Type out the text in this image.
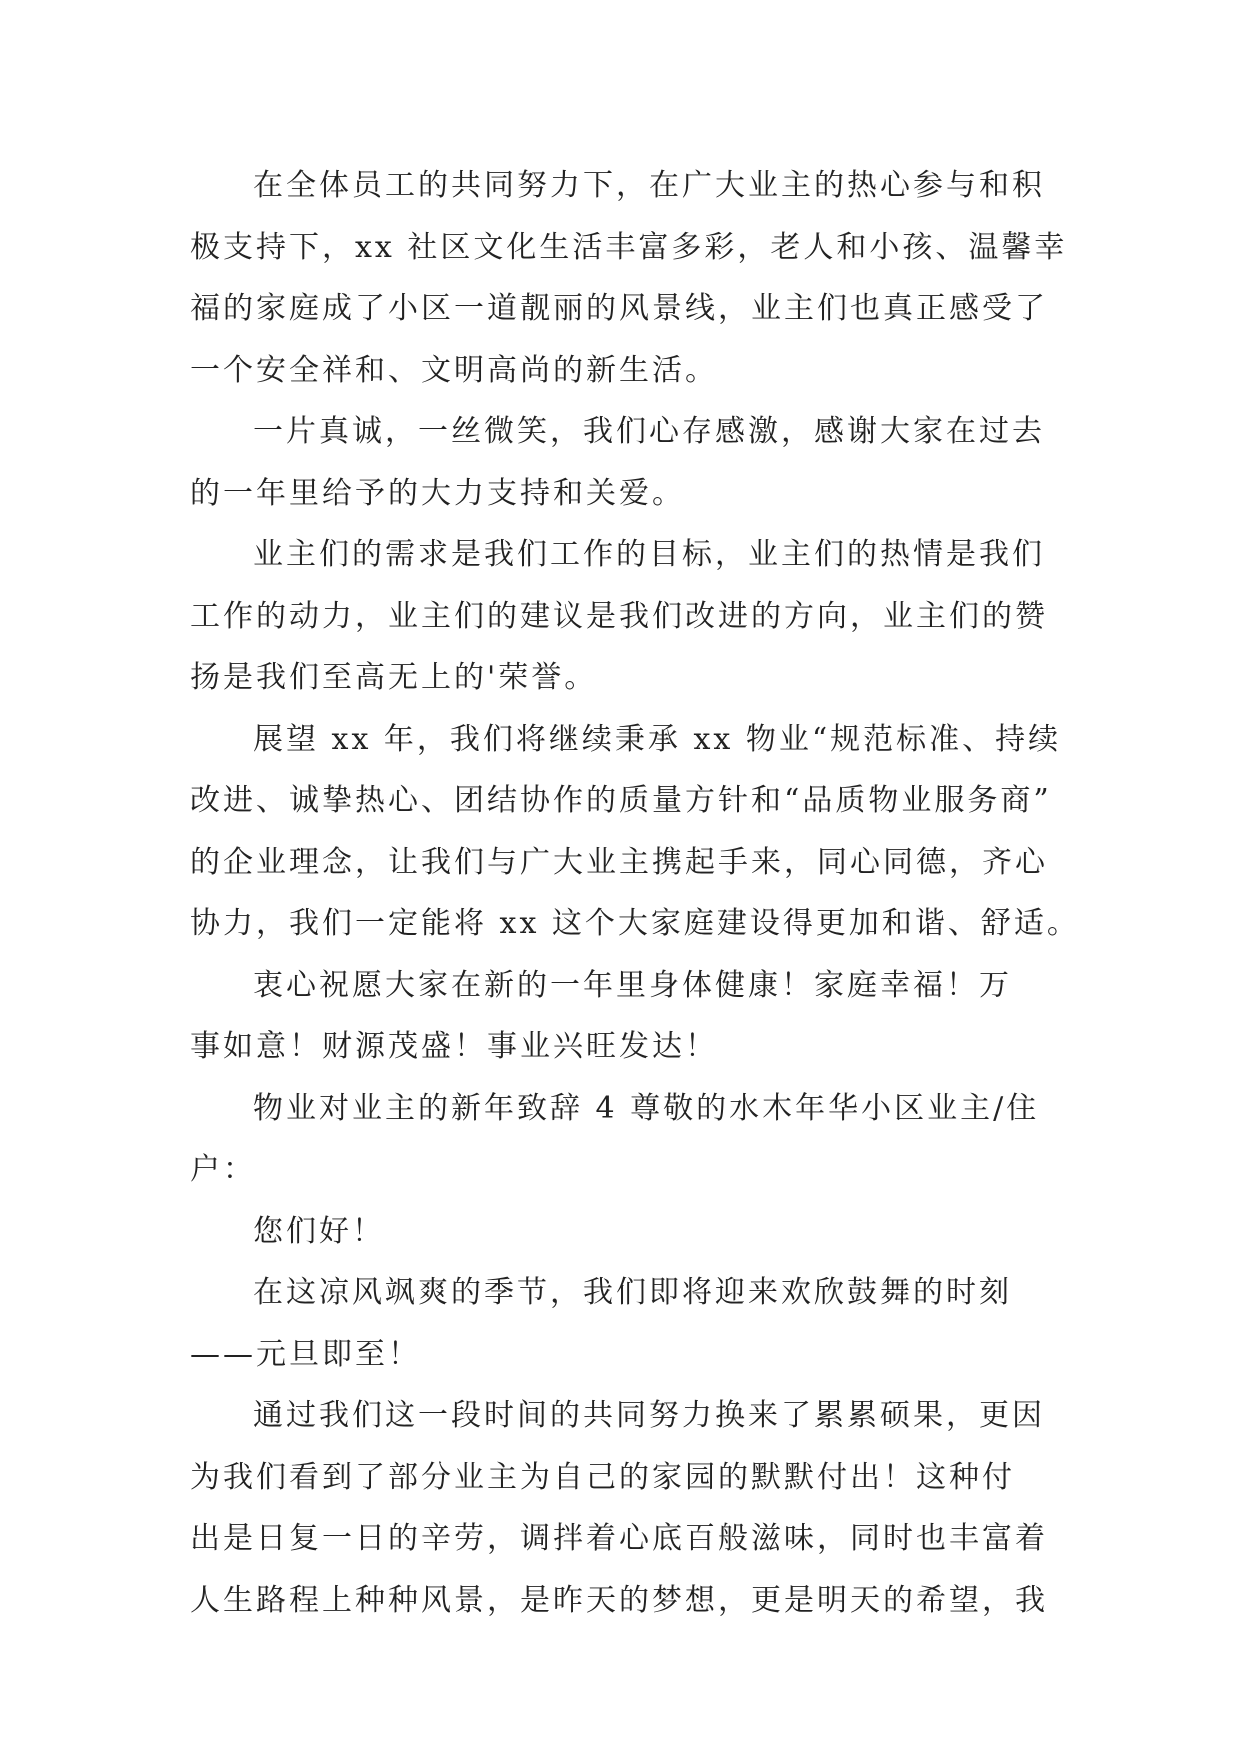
在全体员工的共同努力下，在广大业主的热心参与和积
极支持下，xx 社区文化生活丰富多彩，老人和小孩、温馨幸
福的家庭成了小区一道靓丽的风景线，业主们也真正感受了
一个安全祥和、文明高尚的新生活。
一片真诚，一丝微笑，我们心存感激，感谢大家在过去
的一年里给予的大力支持和关爱。
业主们的需求是我们工作的目标，业主们的热情是我们
工作的动力，业主们的建议是我们改进的方向，业主们的赞
扬是我们至高无上的'荣誉。
展望 xx 年，我们将继续秉承 xx 物业“规范标准、持续
改进、诚挚热心、团结协作的质量方针和“品质物业服务商”
的企业理念，让我们与广大业主携起手来，同心同德，齐心
协力，我们一定能将 xx 这个大家庭建设得更加和谐、舒适。
衷心祝愿大家在新的一年里身体健康！家庭幸福！万
事如意！财源茂盛！事业兴旺发达！
物业对业主的新年致辞 4 尊敬的水木年华小区业主/住
户：
您们好！
在这凉风飒爽的季节，我们即将迎来欢欣鼓舞的时刻
——元旦即至！
通过我们这一段时间的共同努力换来了累累硕果，更因
为我们看到了部分业主为自己的家园的默默付出！这种付
出是日复一日的辛劳，调拌着心底百般滋味，同时也丰富着
人生路程上种种风景，是昨天的梦想，更是明天的希望，我
